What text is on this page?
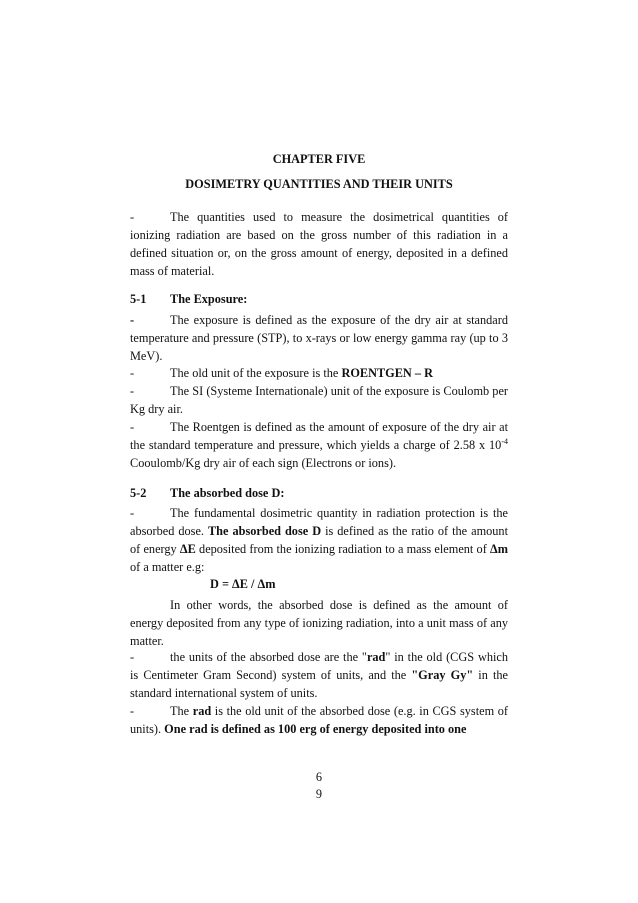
CHAPTER FIVE
DOSIMETRY QUANTITIES AND THEIR UNITS
-	The quantities used to measure the dosimetrical quantities of ionizing radiation are based on the gross number of this radiation in a defined situation or, on the gross amount of energy, deposited in a defined mass of material.
5-1 The Exposure:
-	The exposure is defined as the exposure of the dry air at standard temperature and pressure (STP), to x-rays or low energy gamma ray (up to 3 MeV).
-	The old unit of the exposure is the ROENTGEN – R
-	The SI (Systeme Internationale) unit of the exposure is Coulomb per Kg dry air.
-	The Roentgen is defined as the amount of exposure of the dry air at the standard temperature and pressure, which yields a charge of 2.58 x $10^{-4}$ Cooulomb/Kg dry air of each sign (Electrons or ions).
5-2 The absorbed dose D:
-	The fundamental dosimetric quantity in radiation protection is the absorbed dose. The absorbed dose D is defined as the ratio of the amount of energy ΔE deposited from the ionizing radiation to a mass element of Δm of a matter e.g:
D = ΔE / Δm
In other words, the absorbed dose is defined as the amount of energy deposited from any type of ionizing radiation, into a unit mass of any matter.
-	the units of the absorbed dose are the "rad" in the old (CGS which is Centimeter Gram Second) system of units, and the "Gray Gy" in the standard international system of units.
-	The rad is the old unit of the absorbed dose (e.g. in CGS system of units). One rad is defined as 100 erg of energy deposited into one
6
9
